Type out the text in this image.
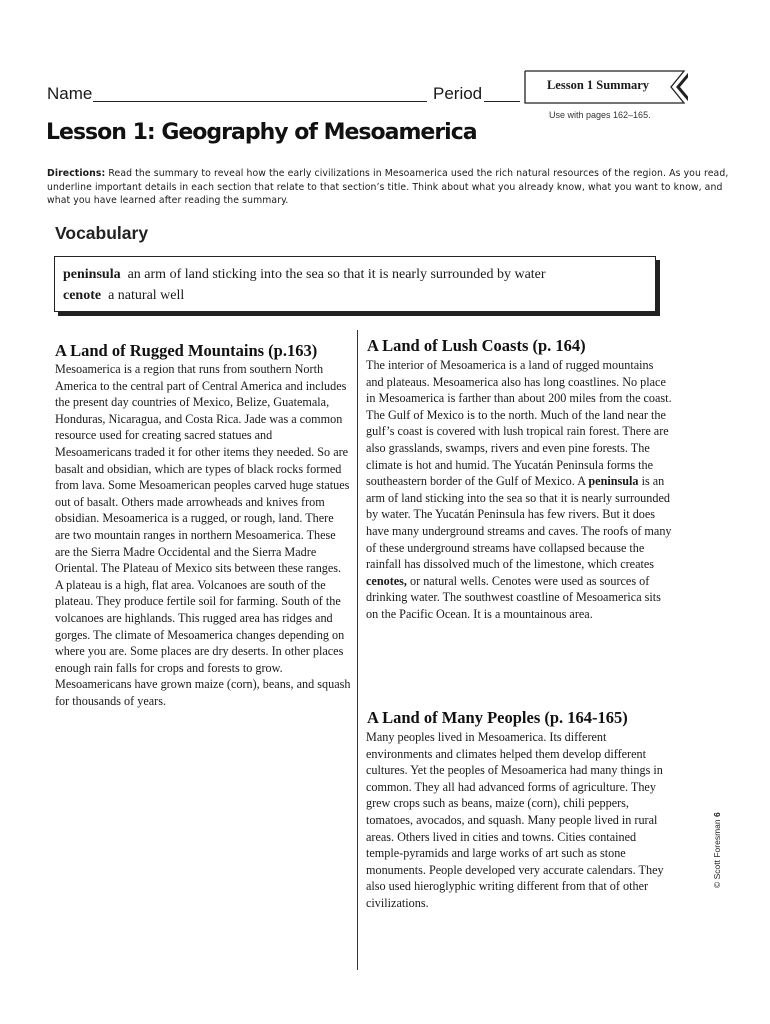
Name	Period	Lesson 1 Summary
Use with pages 162–165.
Lesson 1: Geography of Mesoamerica
Directions: Read the summary to reveal how the early civilizations in Mesoamerica used the rich natural resources of the region. As you read, underline important details in each section that relate to that section’s title. Think about what you already know, what you want to know, and what you have learned after reading the summary.
Vocabulary
peninsula an arm of land sticking into the sea so that it is nearly surrounded by water
cenote a natural well
A Land of Rugged Mountains (p.163)
Mesoamerica is a region that runs from southern North America to the central part of Central America and includes the present day countries of Mexico, Belize, Guatemala, Honduras, Nicaragua, and Costa Rica. Jade was a common resource used for creating sacred statues and Mesoamericans traded it for other items they needed. So are basalt and obsidian, which are types of black rocks formed from lava. Some Mesoamerican peoples carved huge statues out of basalt. Others made arrowheads and knives from obsidian. Mesoamerica is a rugged, or rough, land. There are two mountain ranges in northern Mesoamerica. These are the Sierra Madre Occidental and the Sierra Madre Oriental. The Plateau of Mexico sits between these ranges. A plateau is a high, flat area. Volcanoes are south of the plateau. They produce fertile soil for farming. South of the volcanoes are highlands. This rugged area has ridges and gorges. The climate of Mesoamerica changes depending on where you are. Some places are dry deserts. In other places enough rain falls for crops and forests to grow. Mesoamericans have grown maize (corn), beans, and squash for thousands of years.
A Land of Lush Coasts (p. 164)
The interior of Mesoamerica is a land of rugged mountains and plateaus. Mesoamerica also has long coastlines. No place in Mesoamerica is farther than about 200 miles from the coast. The Gulf of Mexico is to the north. Much of the land near the gulf’s coast is covered with lush tropical rain forest. There are also grasslands, swamps, rivers and even pine forests. The climate is hot and humid. The Yucatán Peninsula forms the southeastern border of the Gulf of Mexico. A peninsula is an arm of land sticking into the sea so that it is nearly surrounded by water. The Yucatán Peninsula has few rivers. But it does have many underground streams and caves. The roofs of many of these underground streams have collapsed because the rainfall has dissolved much of the limestone, which creates cenotes, or natural wells. Cenotes were used as sources of drinking water. The southwest coastline of Mesoamerica sits on the Pacific Ocean. It is a mountainous area.
A Land of Many Peoples (p. 164-165)
Many peoples lived in Mesoamerica. Its different environments and climates helped them develop different cultures. Yet the peoples of Mesoamerica had many things in common. They all had advanced forms of agriculture. They grew crops such as beans, maize (corn), chili peppers, tomatoes, avocados, and squash. Many people lived in rural areas. Others lived in cities and towns. Cities contained temple-pyramids and large works of art such as stone monuments. People developed very accurate calendars. They also used hieroglyphic writing different from that of other civilizations.
© Scott Foresman 6
